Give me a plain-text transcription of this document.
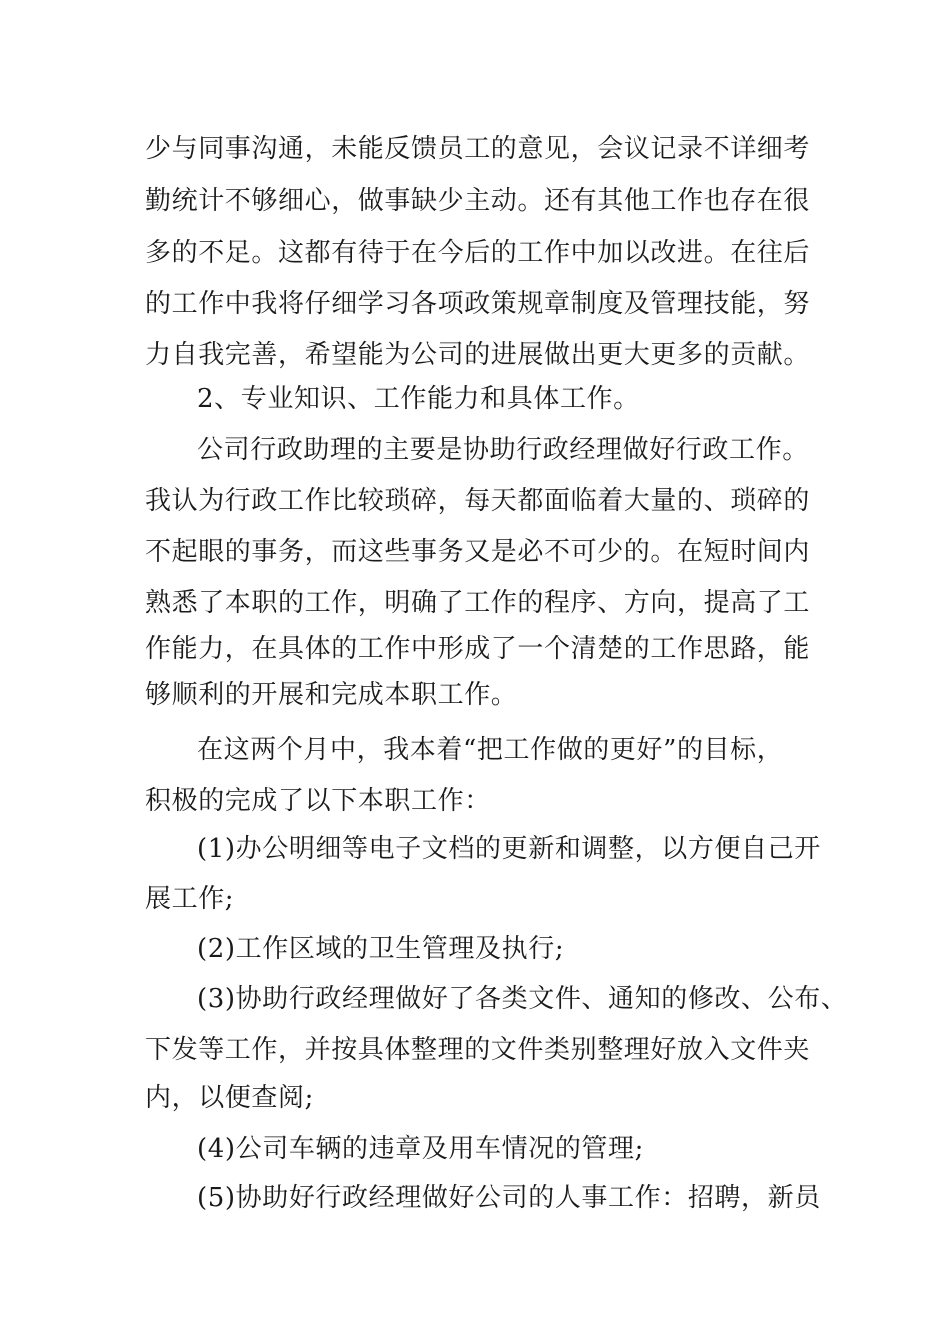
少与同事沟通，未能反馈员工的意见，会议记录不详细考
勤统计不够细心，做事缺少主动。还有其他工作也存在很
多的不足。这都有待于在今后的工作中加以改进。在往后
的工作中我将仔细学习各项政策规章制度及管理技能，努
力自我完善，希望能为公司的进展做出更大更多的贡献。
2、专业知识、工作能力和具体工作。
公司行政助理的主要是协助行政经理做好行政工作。
我认为行政工作比较琐碎，每天都面临着大量的、琐碎的
不起眼的事务，而这些事务又是必不可少的。在短时间内
熟悉了本职的工作，明确了工作的程序、方向，提高了工
作能力，在具体的工作中形成了一个清楚的工作思路，能
够顺利的开展和完成本职工作。
在这两个月中，我本着“把工作做的更好”的目标，
积极的完成了以下本职工作：
(1)办公明细等电子文档的更新和调整，以方便自己开
展工作;
(2)工作区域的卫生管理及执行;
(3)协助行政经理做好了各类文件、通知的修改、公布、
下发等工作，并按具体整理的文件类别整理好放入文件夹
内，以便查阅;
(4)公司车辆的违章及用车情况的管理;
(5)协助好行政经理做好公司的人事工作：招聘，新员
